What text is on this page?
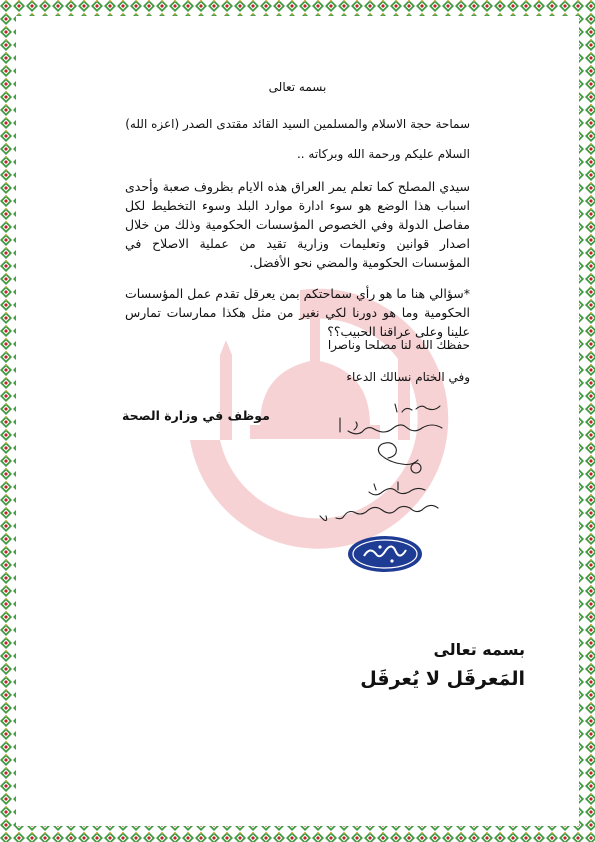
بسمه تعالى
سماحة حجة الاسلام والمسلمين السيد القائد مقتدى الصدر (اعزه الله)
السلام عليكم ورحمة الله وبركاته ..
سيدي المصلح كما تعلم يمر العراق هذه الايام بظروف صعبة وأحدى اسباب هذا الوضع هو سوء ادارة موارد البلد وسوء التخطيط لكل مفاصل الدولة وفي الخصوص المؤسسات الحكومية وذلك من خلال اصدار قوانين وتعليمات وزارية تقيد من عملية الاصلاح في المؤسسات الحكومية والمضي نحو الأفضل.
*سؤالي هنا ما هو رأي سماحتكم بمن يعرقل تقدم عمل المؤسسات الحكومية وما هو دورنا لكي نغير من مثل هكذا ممارسات تمارس علينا وعلى عراقنا الحبيب؟؟
حفظك الله لنا مصلحا وناصرا
وفي الختام نسالك الدعاء
موظف في وزارة الصحة
بسمه تعالى
المَعرقَل لا يُعرقَل
